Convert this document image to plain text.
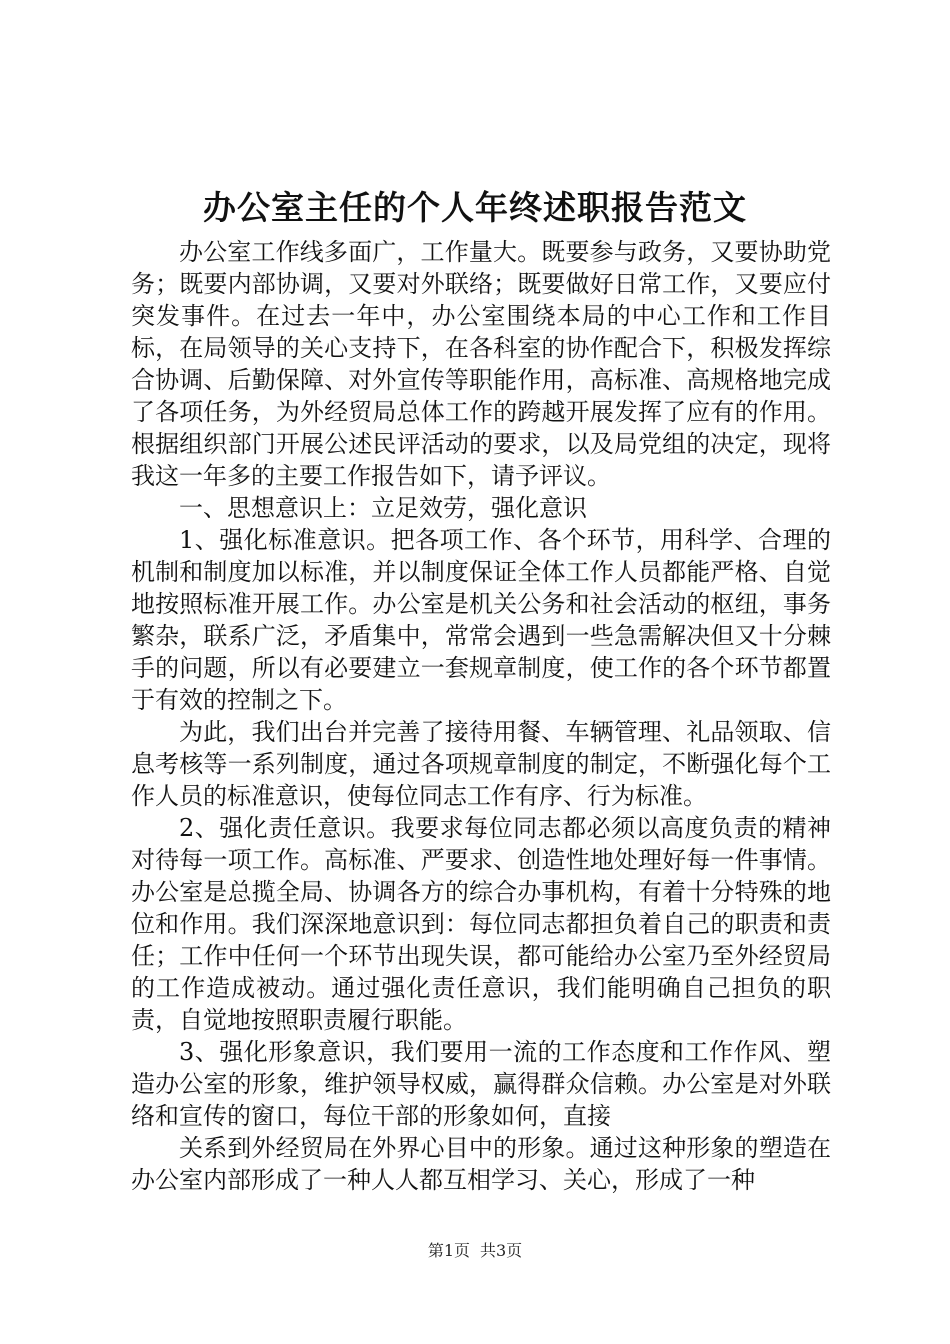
办公室主任的个人年终述职报告范文

办公室工作线多面广，工作量大。既要参与政务，又要协助党务；既要内部协调，又要对外联络；既要做好日常工作，又要应付突发事件。在过去一年中，办公室围绕本局的中心工作和工作目标，在局领导的关心支持下，在各科室的协作配合下，积极发挥综合协调、后勤保障、对外宣传等职能作用，高标准、高规格地完成了各项任务，为外经贸局总体工作的跨越开展发挥了应有的作用。根据组织部门开展公述民评活动的要求，以及局党组的决定，现将我这一年多的主要工作报告如下，请予评议。

一、思想意识上：立足效劳，强化意识

1、强化标准意识。把各项工作、各个环节，用科学、合理的机制和制度加以标准，并以制度保证全体工作人员都能严格、自觉地按照标准开展工作。办公室是机关公务和社会活动的枢纽，事务繁杂，联系广泛，矛盾集中，常常会遇到一些急需解决但又十分棘手的问题，所以有必要建立一套规章制度，使工作的各个环节都置于有效的控制之下。

为此，我们出台并完善了接待用餐、车辆管理、礼品领取、信息考核等一系列制度，通过各项规章制度的制定，不断强化每个工作人员的标准意识，使每位同志工作有序、行为标准。

2、强化责任意识。我要求每位同志都必须以高度负责的精神对待每一项工作。高标准、严要求、创造性地处理好每一件事情。办公室是总揽全局、协调各方的综合办事机构，有着十分特殊的地位和作用。我们深深地意识到：每位同志都担负着自己的职责和责任；工作中任何一个环节出现失误，都可能给办公室乃至外经贸局的工作造成被动。通过强化责任意识，我们能明确自己担负的职责，自觉地按照职责履行职能。

3、强化形象意识，我们要用一流的工作态度和工作作风、塑造办公室的形象，维护领导权威，赢得群众信赖。办公室是对外联络和宣传的窗口，每位干部的形象如何，直接

关系到外经贸局在外界心目中的形象。通过这种形象的塑造在办公室内部形成了一种人人都互相学习、关心，形成了一种

第1页 共3页
